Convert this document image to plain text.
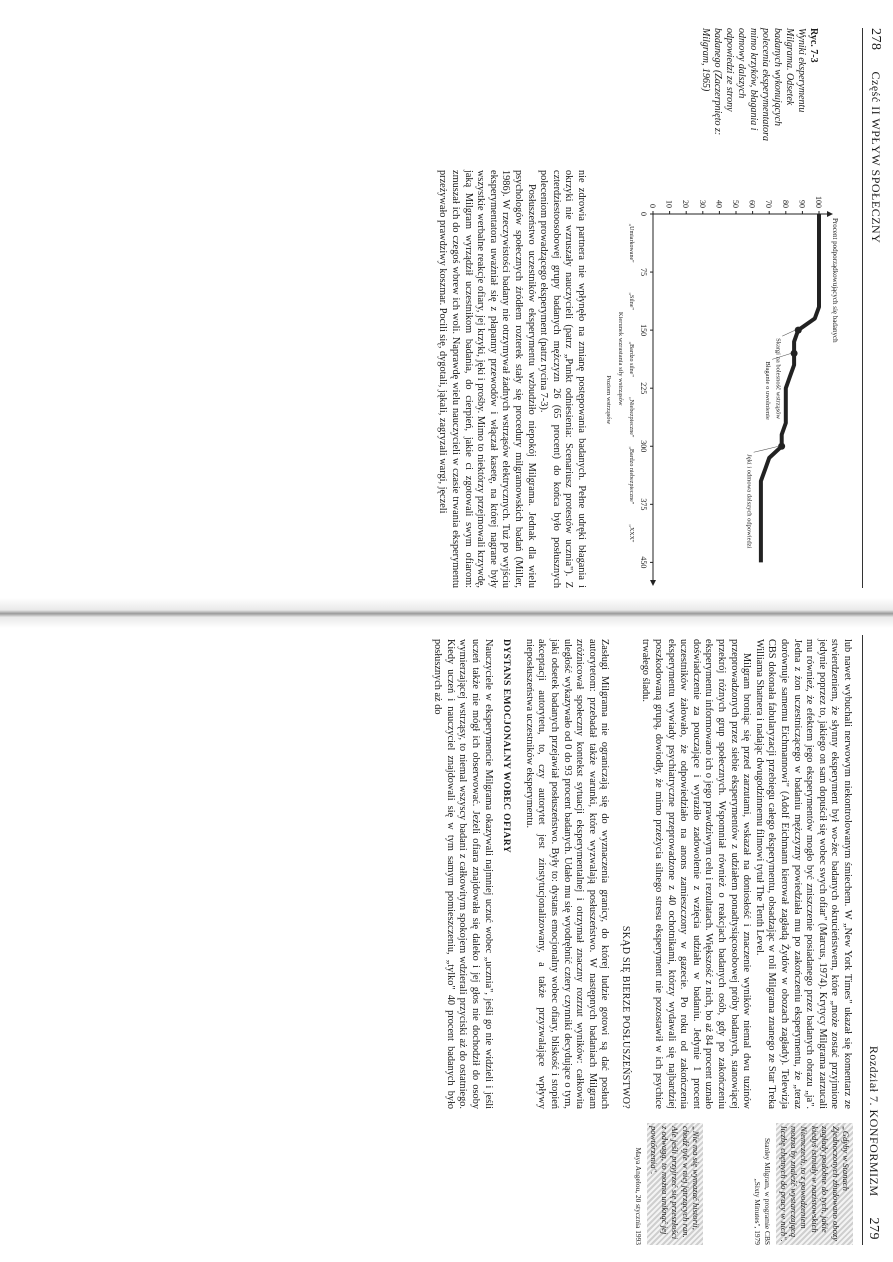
278      Część II WPŁYW SPOŁECZNY
Ryc. 7-3
Wyniki eksperymentu Milgrama. Odsetek badanych wykonujących polecenia eksperymentatora mimo krzyków, błagania i odmowy dalszych odpowiedzi ze strony badanego (Zaczerpnięto z: Milgram, 1965)

nie zdrowia partnera nie wpłynęło na zmianę postępowania badanych. Pełne udręki błagania i okrzyki nie wzruszały nauczycieli (patrz „Punkt odniesienia: Scenariusz protestów ucznia"). Z czterdziestoosobowej grupy badanych mężczyzn 26 (65 procent) do końca było posłusznych poleceniom prowadzącego eksperyment (patrz rycina 7-3).

Posłuszeństwo uczestników eksperymentu wzbudziło niepokój Milgrama. Jednak dla wielu psychologów społecznych źródłem rozterek stały się procedury milgramowskich badań (Miller, 1986). W rzeczywistości badany nie otrzymywał żadnych wstrząsów elektrycznych. Tuż po wyjściu eksperymentatora uważniał się z płapanny przewodów i włączał kasetę, na której nagrane były wszystkie werbalne reakcje ofiary, jej krzyki, jęki i prośby. Mimo to niektórzy przejmowali krzywdę, jaką Milgram wyrządził uczestnikom badania, do cierpień, jakie ci zgotowali swym ofiarom: zmuszał ich do czegoś wbrew ich woli. Naprawdę wielu nauczycieli w czasie trwania eksperymentu przeżywało prawdziwy koszmar. Pocili się, dygotali, jąkali, zagryzali wargi, jęczeli	Procent podporządkowujących się badanych
100
90
80
70
60
50
40
30
20
10
0
0
75
150
225
300
375
450
„Umiarkowane"
„Silne"
„Bardzo silne"
„Niebezpieczne"
„Bardzo niebezpieczne"
„XXX"
Kierunek wzrastania siły wstrząsów
Poziom wstrząsów	Skargi na bolesność wstrząsów
Błaganie o uwolnienie
Jęki i odmowa dalszych odpowiedzi
Rozdział 7. KONFORMIZM      279
„Gdyby w Stanach Zjednoczonych zbudowano obozy zagłady podobne do tych, jakie kiedyś istniały w nazistowskich Niemczech, to z powodzeniem można by znaleźć wystarczającą liczbę chętnych do pracy w nich".
Stanley Milgram, w programie CBS „Sixty Minutes", 1979
„Nie ma się wymazać historii, chodź tyle w niej jątrzących ran. Ale jeśli przyjrzeć się przeszłości z odwagą, to można uniknąć jej powtórzenia".
Maya Angelou, 20 stycznia 1993

lub nawet wybuchali nerwowym niekontrolowanym śmiechem. W „New York Times" ukazał się komentarz ze stwierdzeniem, że słynny eksperyment był wo-żec badanych okrucieństwem, które „może zostać przyjmione jedynie poprzez to, jakiego on sam dopuścił się wobec swych ofiar" (Marcus, 1974). Krytycy Milgrama zarzucali mu również, że efektem jego eksperymentów mogło być zniszczenie posiadanego przez badanych obrazu „ja". Jedna z żon uczestniczącego w badaniu mężczyzny powiedziała mu po zakończeniu eksperymentu, że „teraz dorównuje samemu Eichmannowi" (Adolf Eichmann kierował zagładą Żydów w obozach zagłady). Telewizja CBS dokonała fabularyzacji przebiegu całego eksperymentu, obsadzając w roli Milgrama znanego ze Star Treka Williama Shatnera i nadając dwugodzinnemu filmowi tytuł The Tenth Level.

Milgram broniąc się przed zarzutami, wskazał na doniosłość i znaczenie wyników niemal dwu tuzinów przeprowadzonych przez siebie eksperymentów z udziałem ponadtysiącosobowej próby badanych, stanowiącej przekrój różnych grup społecznych. Wspomniał również o reakcjach badanych osób, gdy po zakończeniu eksperymentu informowano ich o jego prawdziwym celu i rezultatach. Większość z nich, bo aż 84 procent uznało doświadczenie za pouczające i wyraziło zadowolenie z wzięcia udziału w badaniu. Jedynie 1 procent uczestników żałowało, że odpowiedziało na anons zamieszczony w gazecie. Po roku od zakończenia eksperymentu wywiady psychiatryczne przeprowadzone z 40 ochotnikami, którzy wydawali się najbardziej poszkodowaną grupą, dowiodły, że mimo przeżycia silnego stresu eksperyment nie pozostawił w ich psychice trwałego śladu.

SKĄD SIĘ BIERZE POSŁUSZEŃSTWO?

Zasługi Milgrama nie ograniczają się do wyznaczenia granicy, do której ludzie gotowi są dać posłuch autorytetom: przebadał także warunki, które wyzwalają posłuszeństwo. W następnych badaniach Milgram zróżnicował społeczny kontekst sytuacji eksperymentalnej i otrzymał znaczny rozrzut wyników: całkowita uległość wykazywało od 0 do 93 procent badanych. Udało mu się wyodrębnić cztery czynniki decydujące o tym, jaki odsetek badanych przejawiał posłuszeństwo. Były to: dystans emocjonalny wobec ofiary, bliskość i stopień akceptacji autorytetu, to, czy autorytet jest zinstytucjonalizowany, a także przyzwalające wpływy nieposłuszeństwa uczestników eksperymentu.

DYSTANS EMOCJONALNY WOBEC OFIARY

Nauczyciele w eksperymencie Milgrama okazywali najmniej uczuć wobec „ucznia", jeśli go nie widzieli i jeśli uczeń także nie mógł ich obserwować. Jeżeli ofiara znajdowała się daleko i jej głos nie dochodził do osoby wymierzającej wstrząsy, to niemal wszyscy badani z całkowitym spokojem wdzierali przyciski aż do ostatniego. Kiedy uczeń i nauczyciel znajdowali się w tym samym pomieszczeniu, „tylko" 40 procent badanych było posłusznych aż do
